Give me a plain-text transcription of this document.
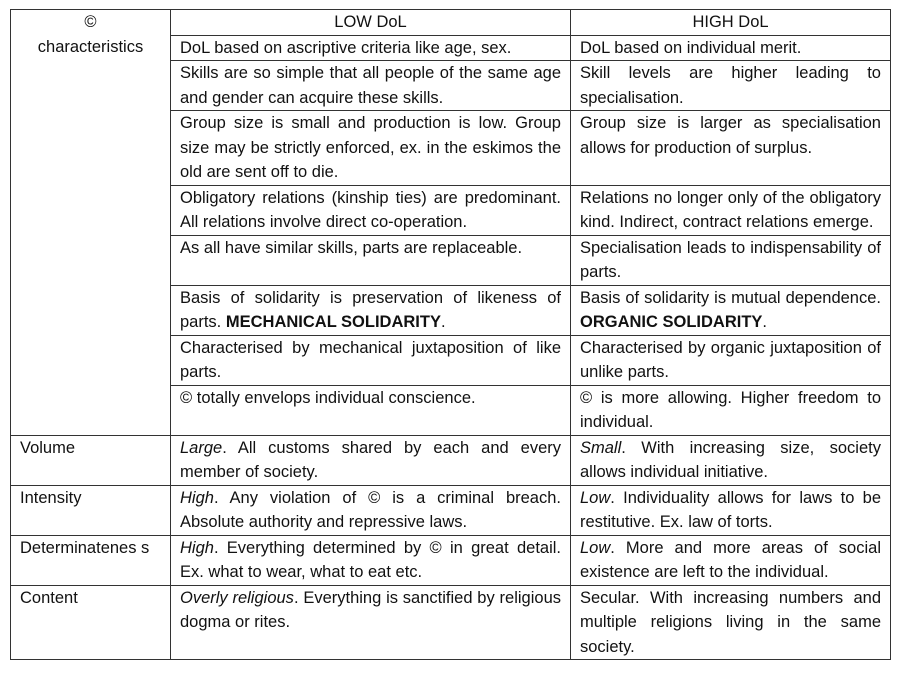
©
characteristics	LOW DoL	HIGH DoL
	DoL based on ascriptive criteria like age, sex.	DoL based on individual merit.
	Skills are so simple that all people of the same age and gender can acquire these skills.	Skill levels are higher leading to specialisation.
	Group size is small and production is low. Group size may be strictly enforced, ex. in the eskimos the old are sent off to die.	Group size is larger as specialisation allows for production of surplus.
	Obligatory relations (kinship ties) are predominant. All relations involve direct co-operation.	Relations no longer only of the obligatory kind. Indirect, contract relations emerge.
	As all have similar skills, parts are replaceable.	Specialisation leads to indispensability of parts.
	Basis of solidarity is preservation of likeness of parts. MECHANICAL SOLIDARITY.	Basis of solidarity is mutual dependence. ORGANIC SOLIDARITY.
	Characterised by mechanical juxtaposition of like parts.	Characterised by organic juxtaposition of unlike parts.
	© totally envelops individual conscience.	© is more allowing. Higher freedom to individual.
Volume	Large. All customs shared by each and every member of society.	Small. With increasing size, society allows individual initiative.
Intensity	High. Any violation of © is a criminal breach. Absolute authority and repressive laws.	Low. Individuality allows for laws to be restitutive. Ex. law of torts.
Determinatenes s	High. Everything determined by © in great detail. Ex. what to wear, what to eat etc.	Low. More and more areas of social existence are left to the individual.
Content	Overly religious. Everything is sanctified by religious dogma or rites.	Secular. With increasing numbers and multiple religions living in the same society.
